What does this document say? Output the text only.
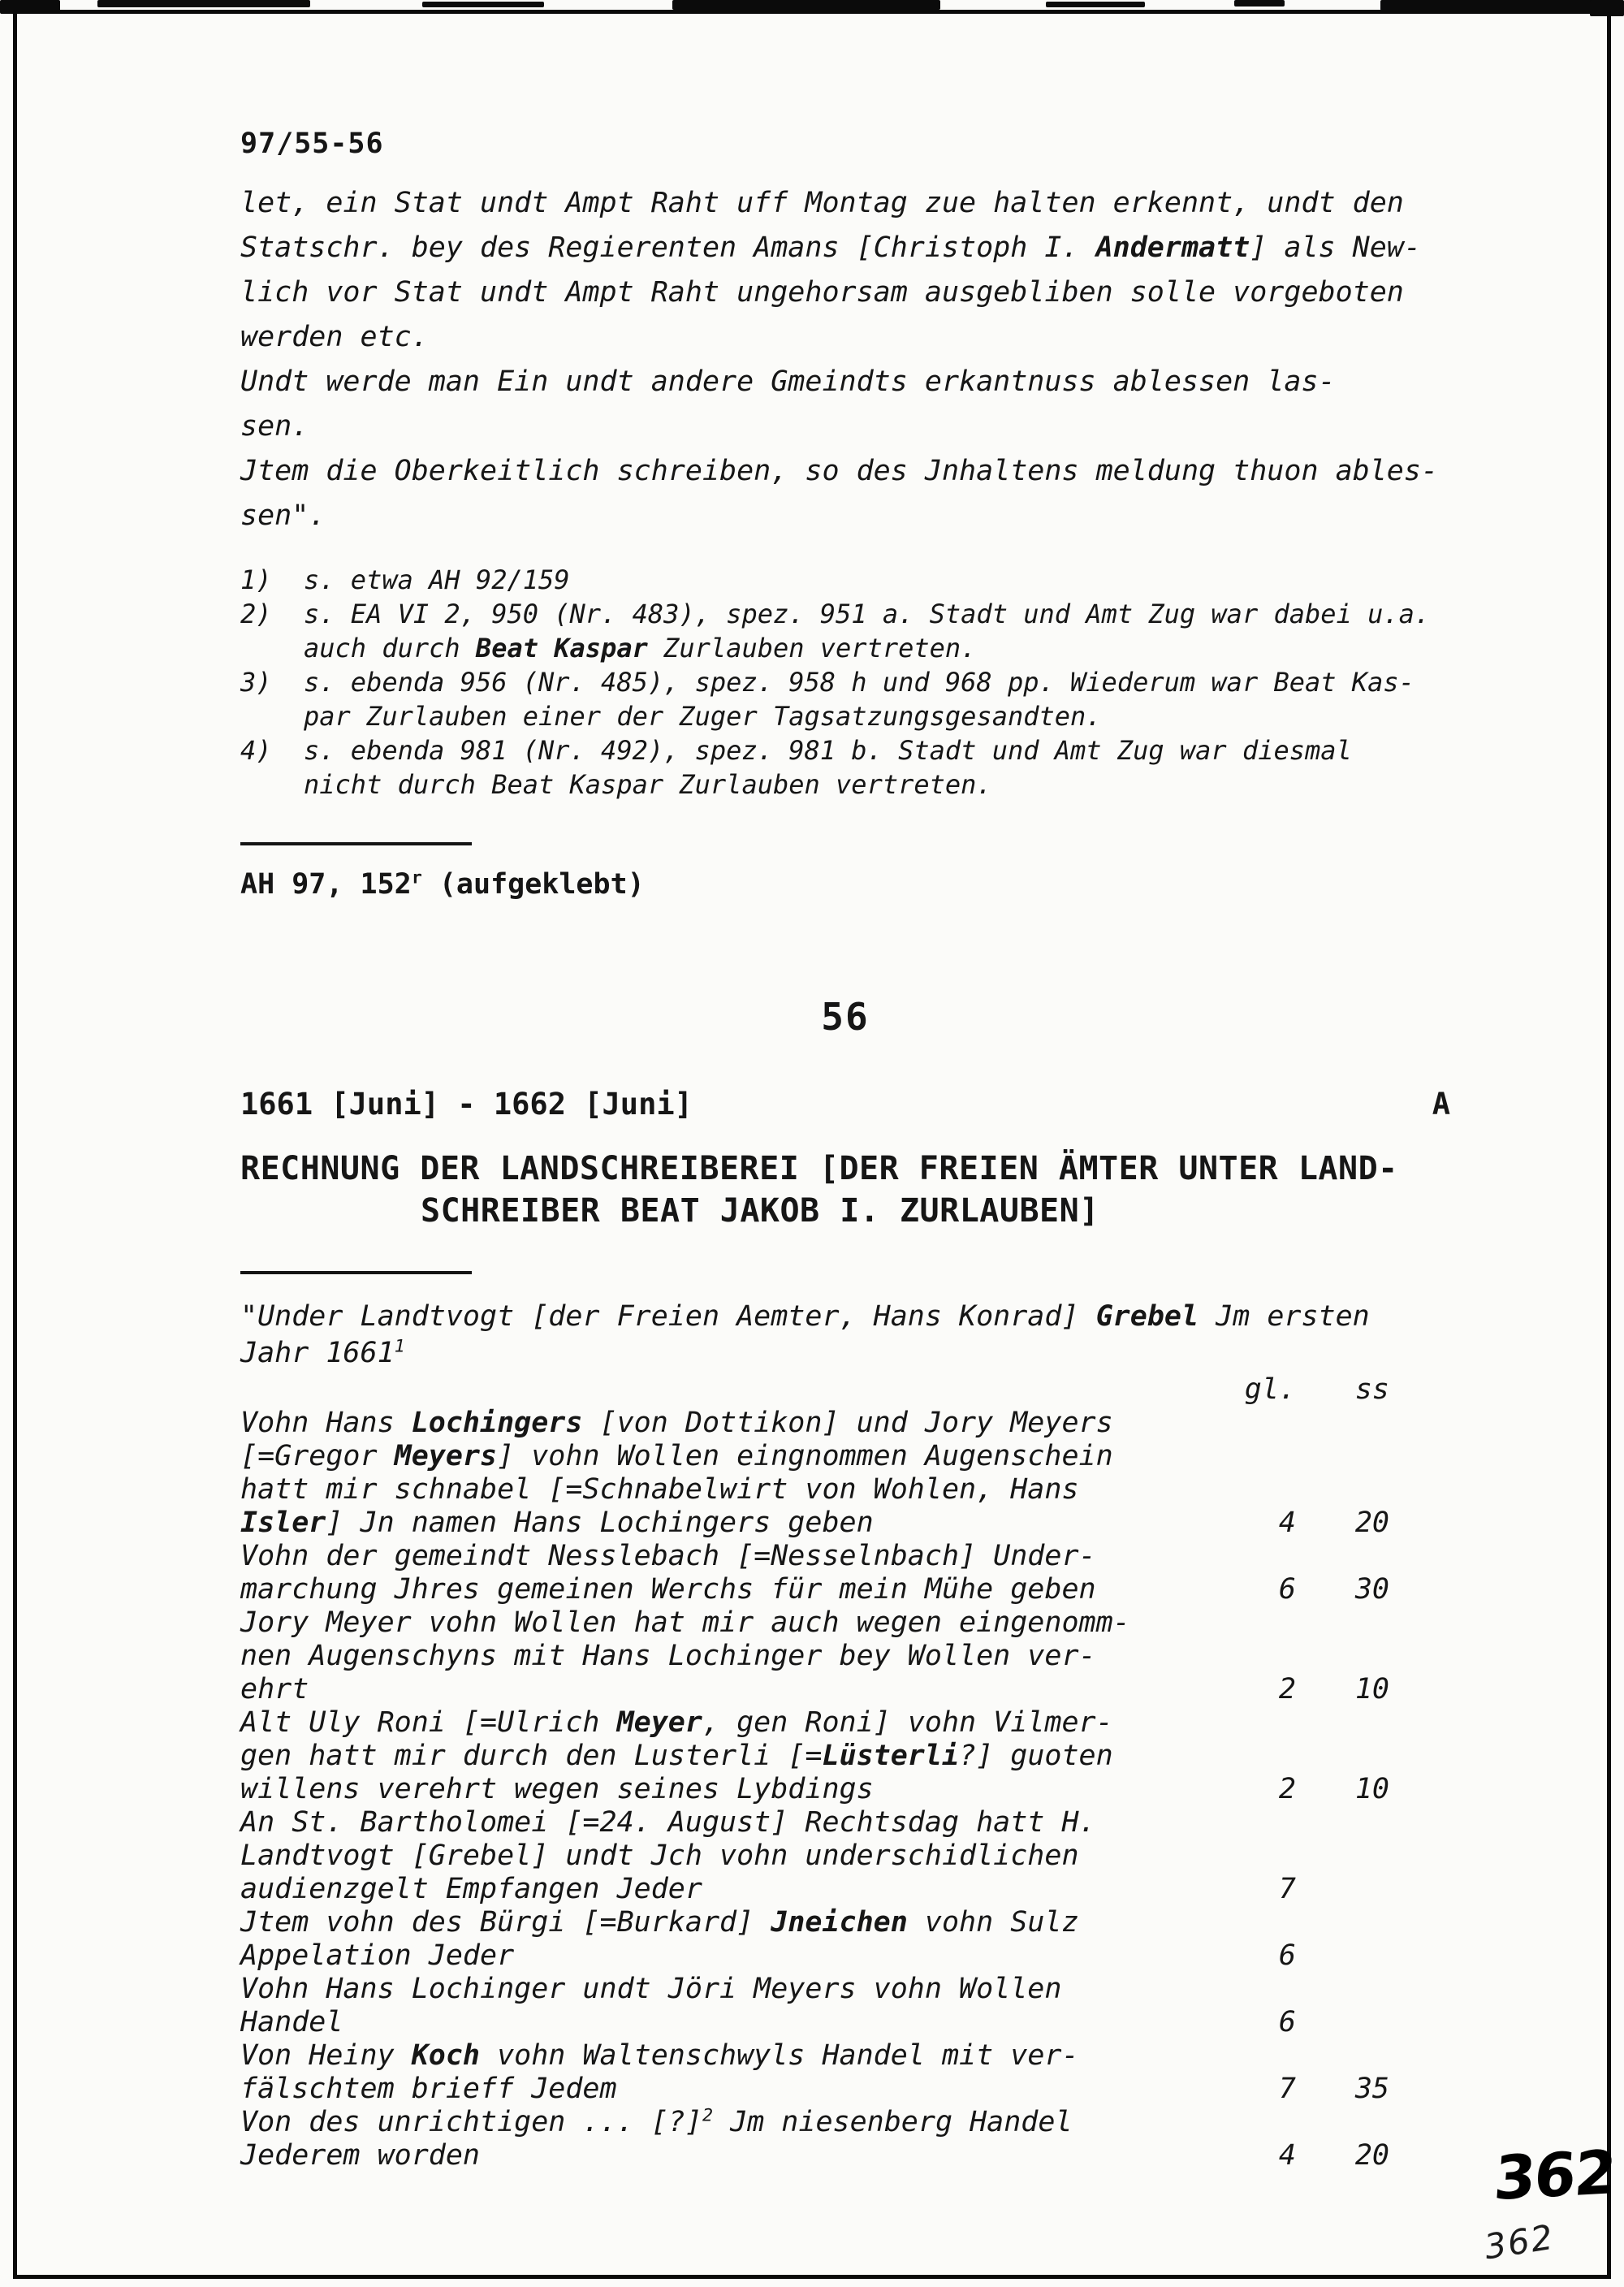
97/55-56
let, ein Stat undt Ampt Raht uff Montag zue halten erkennt, undt den
Statschr. bey des Regierenten Amans [Christoph I. Andermatt] als New-
lich vor Stat undt Ampt Raht ungehorsam ausgebliben solle vorgeboten
werden etc.
Undt werde man Ein undt andere Gmeindts erkantnuss ablessen las-
sen.
Jtem die Oberkeitlich schreiben, so des Jnhaltens meldung thuon ables-
sen".
1)	s. etwa AH 92/159
2)	s. EA VI 2, 950 (Nr. 483), spez. 951 a. Stadt und Amt Zug war dabei u.a.
auch durch Beat Kaspar Zurlauben vertreten.
3)	s. ebenda 956 (Nr. 485), spez. 958 h und 968 pp. Wiederum war Beat Kas-
par Zurlauben einer der Zuger Tagsatzungsgesandten.
4)	s. ebenda 981 (Nr. 492), spez. 981 b. Stadt und Amt Zug war diesmal
nicht durch Beat Kaspar Zurlauben vertreten.
AH 97, 152$^r$ (aufgeklebt)
56
1661 [Juni] - 1662 [Juni]	A
RECHNUNG DER LANDSCHREIBEREI [DER FREIEN ÄMTER UNTER LAND-
SCHREIBER BEAT JAKOB I. ZURLAUBEN]
"Under Landtvogt [der Freien Aemter, Hans Konrad] Grebel Jm ersten
Jahr 1661$^1$
gl.	ss
Vohn Hans Lochingers [von Dottikon] und Jory Meyers
[=Gregor Meyers] vohn Wollen eingnommen Augenschein
hatt mir schnabel [=Schnabelwirt von Wohlen, Hans
Isler] Jn namen Hans Lochingers geben	4	20
Vohn der gemeindt Nesslebach [=Nesselnbach] Under-
marchung Jhres gemeinen Werchs für mein Mühe geben	6	30
Jory Meyer vohn Wollen hat mir auch wegen eingenomm-
nen Augenschyns mit Hans Lochinger bey Wollen ver-
ehrt	2	10
Alt Uly Roni [=Ulrich Meyer, gen Roni] vohn Vilmer-
gen hatt mir durch den Lusterli [=Lüsterli?] guoten
willens verehrt wegen seines Lybdings	2	10
An St. Bartholomei [=24. August] Rechtsdag hatt H.
Landtvogt [Grebel] undt Jch vohn underschidlichen
audienzgelt Empfangen Jeder	7
Jtem vohn des Bürgi [=Burkard] Jneichen vohn Sulz
Appelation Jeder	6
Vohn Hans Lochinger undt Jöri Meyers vohn Wollen
Handel	6
Von Heiny Koch vohn Waltenschwyls Handel mit ver-
fälschtem brieff Jedem	7	35
Von des unrichtigen ... [?]$^2$ Jm niesenberg Handel
Jederem worden	4	20 362
362
